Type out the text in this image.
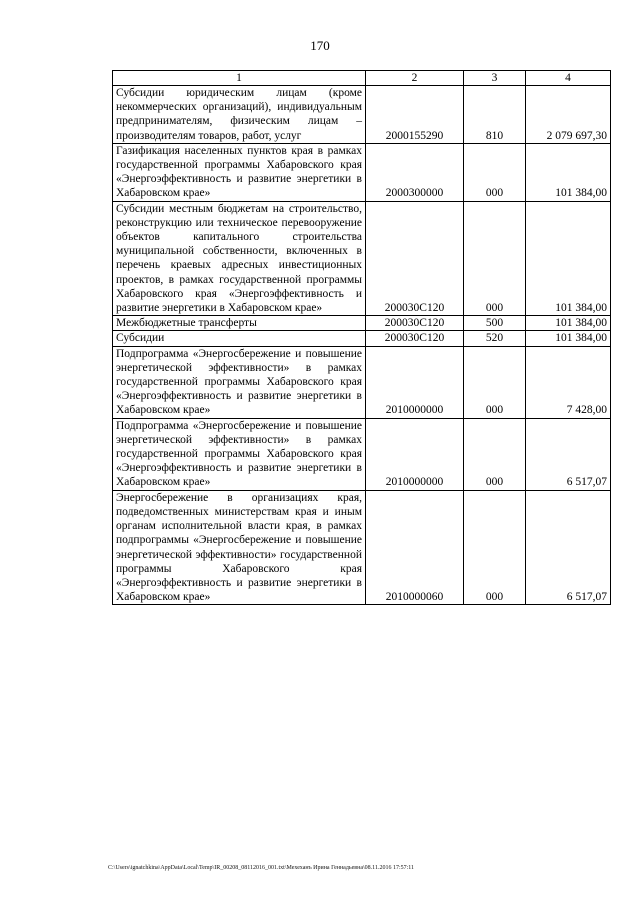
170
1	2	3	4
Субсидии юридическим лицам (кроме некоммерческих организаций), индивидуальным предпринимателям, физическим лицам – производителям товаров, работ, услуг	2000155290	810	2 079 697,30
Газификация населенных пунктов края в рамках государственной программы Хабаровского края «Энергоэффективность и развитие энергетики в Хабаровском крае»	2000300000	000	101 384,00
Субсидии местным бюджетам на строительство, реконструкцию или техническое перевооружение объектов капитального строительства муниципальной собственности, включенных в перечень краевых адресных инвестиционных проектов, в рамках государственной программы Хабаровского края «Энергоэффективность и развитие энергетики в Хабаровском крае»	200030С120	000	101 384,00
Межбюджетные трансферты	200030С120	500	101 384,00
Субсидии	200030С120	520	101 384,00
Подпрограмма «Энергосбережение и повышение энергетической эффективности» в рамках государственной программы Хабаровского края «Энергоэффективность и развитие энергетики в Хабаровском крае»	2010000000	000	7 428,00
Подпрограмма «Энергосбережение и повышение энергетической эффективности» в рамках государственной программы Хабаровского края «Энергоэффективность и развитие энергетики в Хабаровском крае»	2010000000	000	6 517,07
Энергосбережение в организациях края, подведомственных министерствам края и иным органам исполнительной власти края, в рамках подпрограммы «Энергосбережение и повышение энергетической эффективности» государственной программы Хабаровского края «Энергоэффективность и развитие энергетики в Хабаровском крае»	2010000060	000	6 517,07
C:\Users\ignatchkina\AppData\Local\Temp\IR_00208_08112016_001.txt\Мехеханъ Ирина Геннадьевна\08.11.2016 17:57:11
